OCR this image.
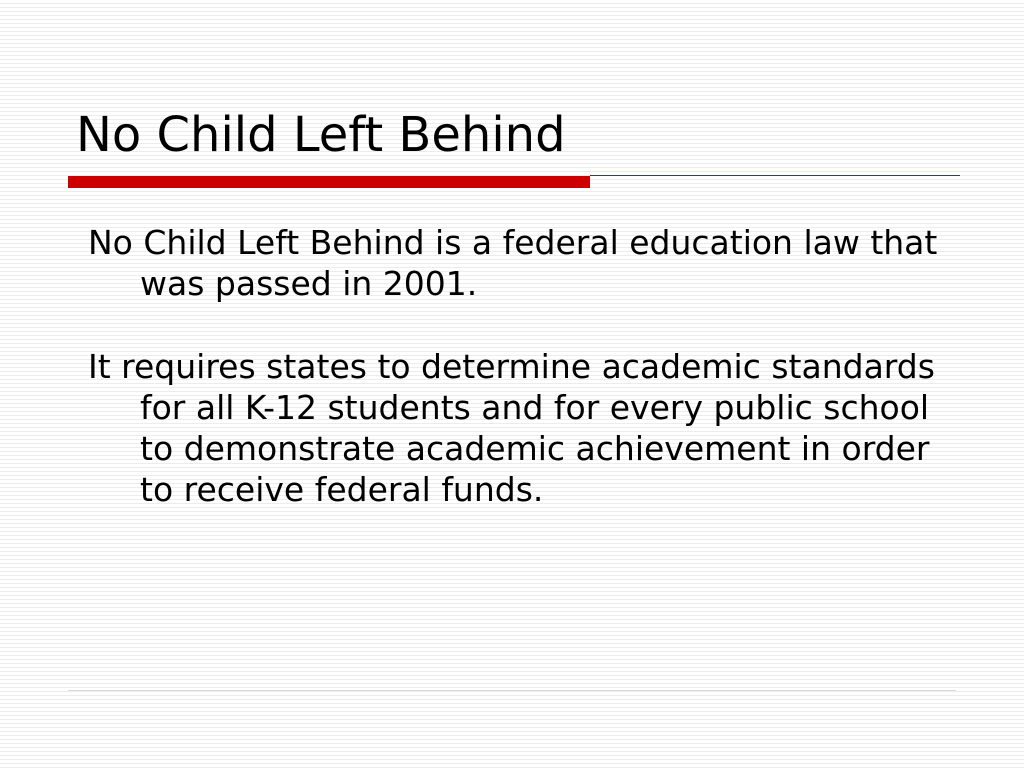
No Child Left Behind
No Child Left Behind is a federal education law that was passed in 2001.
It requires states to determine academic standards for all K-12 students and for every public school to demonstrate academic achievement in order to receive federal funds.
